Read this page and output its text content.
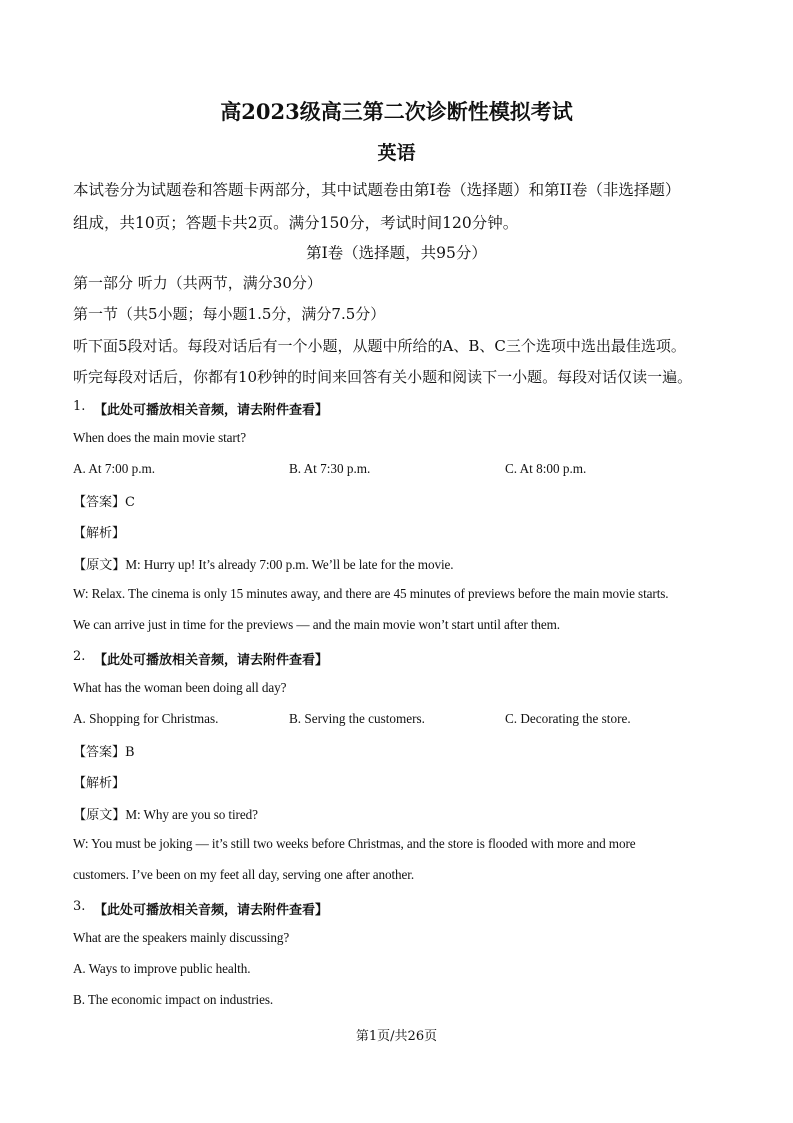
高2023级高三第二次诊断性模拟考试
英语
本试卷分为试题卷和答题卡两部分，其中试题卷由第I卷（选择题）和第II卷（非选择题）
组成，共10页；答题卡共2页。满分150分，考试时间120分钟。
第I卷（选择题，共95分）
第一部分 听力（共两节，满分30分）
第一节（共5小题；每小题1.5分，满分7.5分）
听下面5段对话。每段对话后有一个小题，从题中所给的A、B、C三个选项中选出最佳选项。
听完每段对话后，你都有10秒钟的时间来回答有关小题和阅读下一小题。每段对话仅读一遍。
1. 【此处可播放相关音频，请去附件查看】
When does the main movie start?
A. At 7:00 p.m.	B. At 7:30 p.m.	C. At 8:00 p.m.
【答案】C
【解析】
【原文】M: Hurry up! It’s already 7:00 p.m. We’ll be late for the movie.
W: Relax. The cinema is only 15 minutes away, and there are 45 minutes of previews before the main movie starts.
We can arrive just in time for the previews — and the main movie won’t start until after them.
2. 【此处可播放相关音频，请去附件查看】
What has the woman been doing all day?
A. Shopping for Christmas.	B. Serving the customers.	C. Decorating the store.
【答案】B
【解析】
【原文】M: Why are you so tired?
W: You must be joking — it’s still two weeks before Christmas, and the store is flooded with more and more
customers. I’ve been on my feet all day, serving one after another.
3. 【此处可播放相关音频，请去附件查看】
What are the speakers mainly discussing?
A. Ways to improve public health.
B. The economic impact on industries.
第1页/共26页
